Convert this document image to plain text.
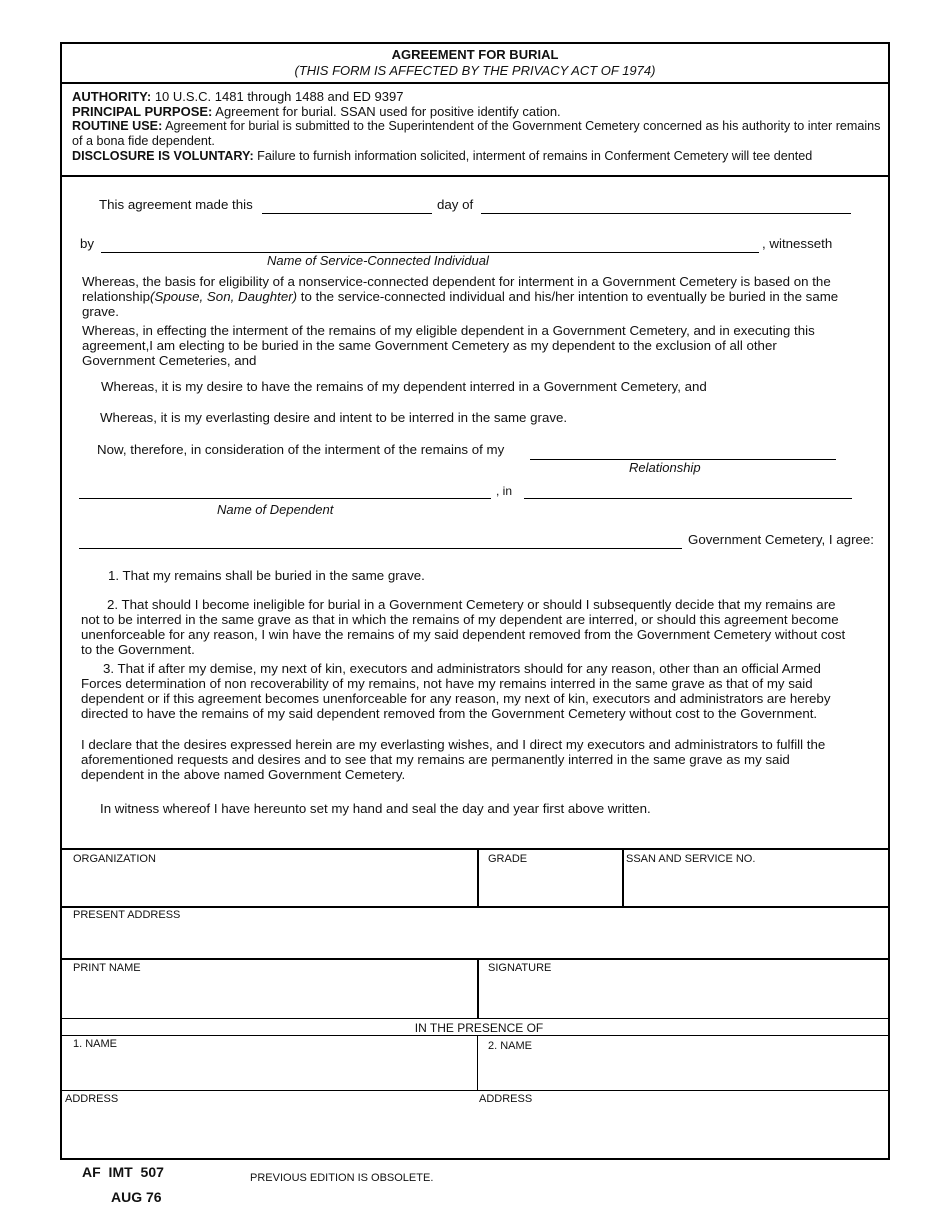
AGREEMENT FOR BURIAL
(THIS FORM IS AFFECTED BY THE PRIVACY ACT OF 1974)
AUTHORITY: 10 U.S.C. 1481 through 1488 and ED 9397
PRINCIPAL PURPOSE: Agreement for burial. SSAN used for positive identify cation.
ROUTINE USE: Agreement for burial is submitted to the Superintendent of the Government Cemetery concerned as his authority to inter remains of a bona fide dependent.
DISCLOSURE IS VOLUNTARY: Failure to furnish information solicited, interment of remains in Conferment Cemetery will tee dented
This agreement made this	day of
by	, witnesseth
Name of Service-Connected Individual
Whereas, the basis for eligibility of a nonservice-connected dependent for interment in a Government Cemetery is based on the relationship(Spouse, Son, Daughter) to the service-connected individual and his/her intention to eventually be buried in the same grave.
Whereas, in effecting the interment of the remains of my eligible dependent in a Government Cemetery, and in executing this agreement,I am electing to be buried in the same Government Cemetery as my dependent to the exclusion of all other Government Cemeteries, and
Whereas, it is my desire to have the remains of my dependent interred in a Government Cemetery, and
Whereas, it is my everlasting desire and intent to be interred in the same grave.
Now, therefore, in consideration of the interment of the remains of my
Relationship
, in
Name of Dependent
Government Cemetery, I agree:
1. That my remains shall be buried in the same grave.
2. That should I become ineligible for burial in a Government Cemetery or should I subsequently decide that my remains are not to be interred in the same grave as that in which the remains of my dependent are interred, or should this agreement become unenforceable for any reason, I win have the remains of my said dependent removed from the Government Cemetery without cost to the Government.
3. That if after my demise, my next of kin, executors and administrators should for any reason, other than an official Armed Forces determination of non recoverability of my remains, not have my remains interred in the same grave as that of my said dependent or if this agreement becomes unenforceable for any reason, my next of kin, executors and administrators are hereby directed to have the remains of my said dependent removed from the Government Cemetery without cost to the Government.
I declare that the desires expressed herein are my everlasting wishes, and I direct my executors and administrators to fulfill the aforementioned requests and desires and to see that my remains are permanently interred in the same grave as my said dependent in the above named Government Cemetery.
In witness whereof I have hereunto set my hand and seal the day and year first above written.
ORGANIZATION	GRADE	SSAN AND SERVICE NO.
PRESENT ADDRESS
PRINT NAME	SIGNATURE
IN THE PRESENCE OF
1. NAME	2. NAME
ADDRESS	ADDRESS
AF IMT 507
AUG 76
PREVIOUS EDITION IS OBSOLETE.
